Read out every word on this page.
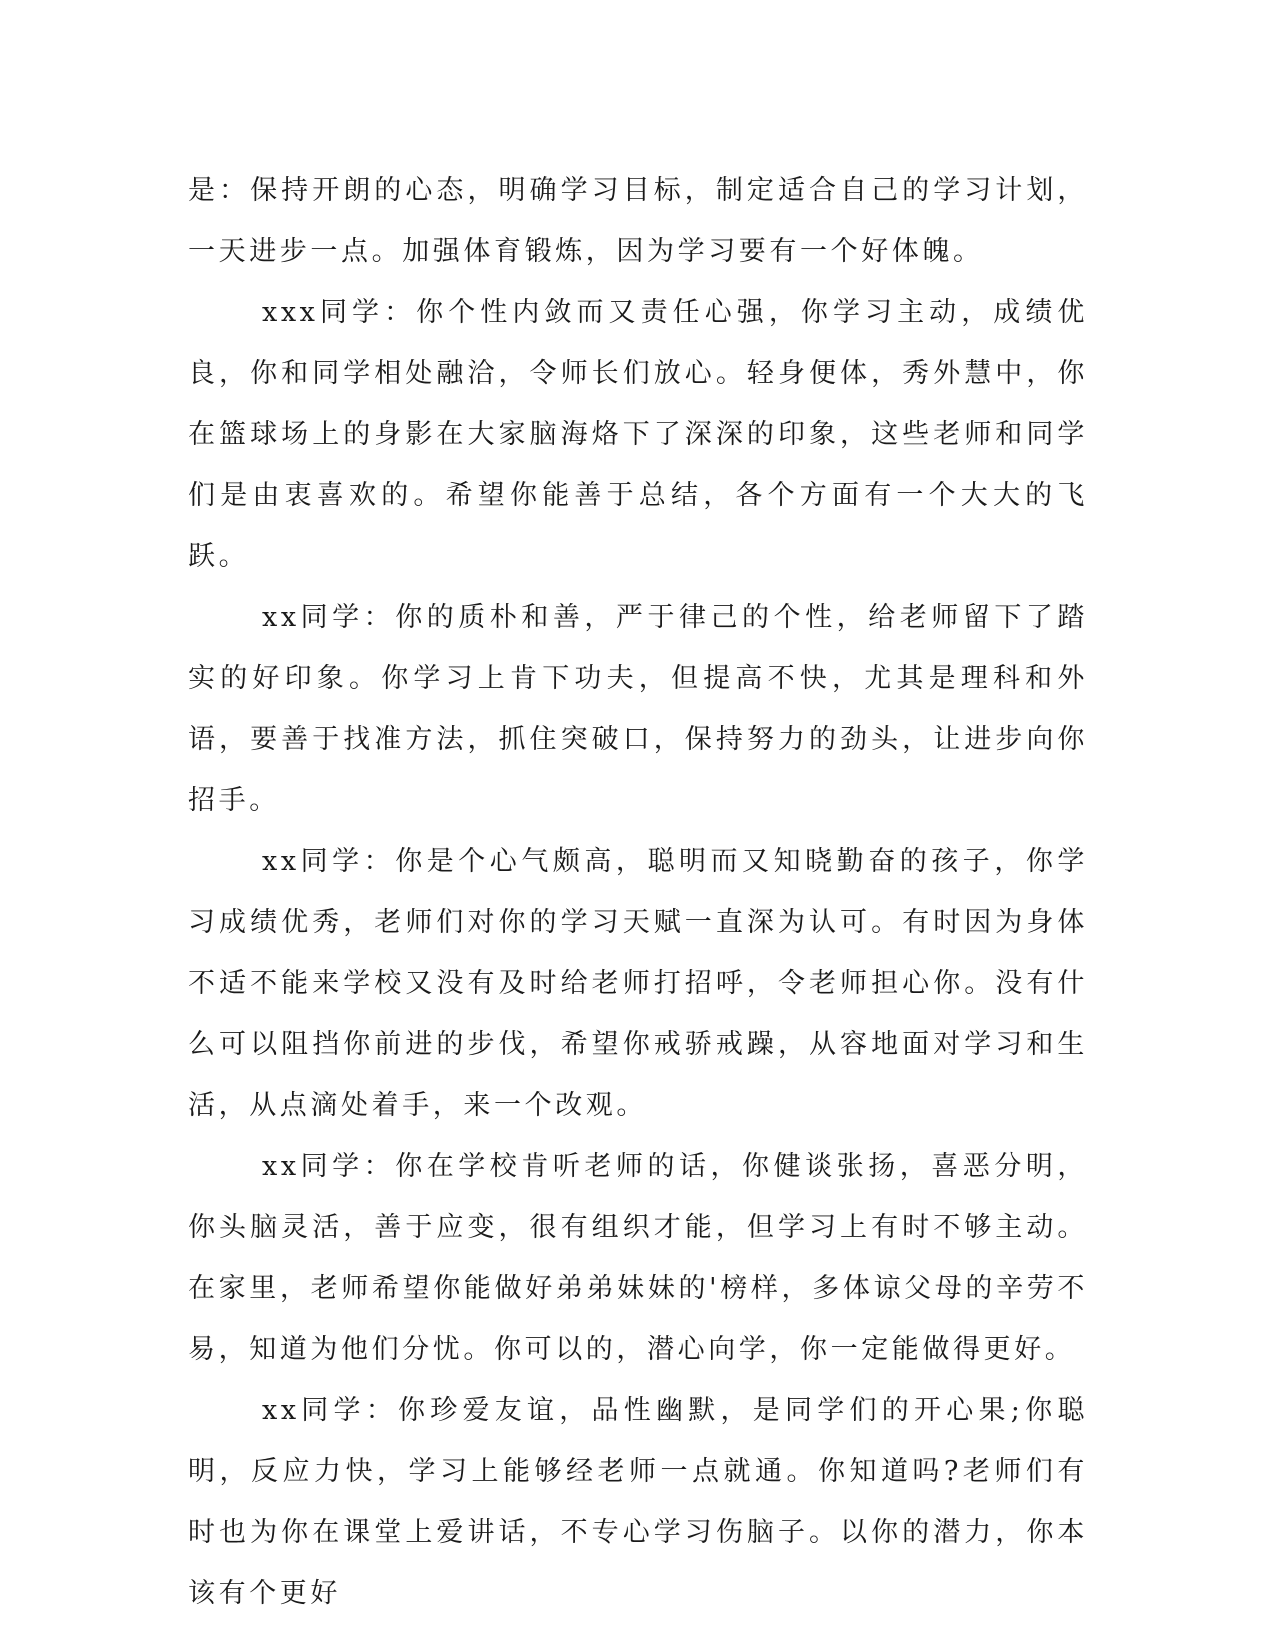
是：保持开朗的心态，明确学习目标，制定适合自己的学习计划，一天进步一点。加强体育锻炼，因为学习要有一个好体魄。

xxx同学：你个性内敛而又责任心强，你学习主动，成绩优良，你和同学相处融洽，令师长们放心。轻身便体，秀外慧中，你在篮球场上的身影在大家脑海烙下了深深的印象，这些老师和同学们是由衷喜欢的。希望你能善于总结，各个方面有一个大大的飞跃。

xx同学：你的质朴和善，严于律己的个性，给老师留下了踏实的好印象。你学习上肯下功夫，但提高不快，尤其是理科和外语，要善于找准方法，抓住突破口，保持努力的劲头，让进步向你招手。

xx同学：你是个心气颇高，聪明而又知晓勤奋的孩子，你学习成绩优秀，老师们对你的学习天赋一直深为认可。有时因为身体不适不能来学校又没有及时给老师打招呼，令老师担心你。没有什么可以阻挡你前进的步伐，希望你戒骄戒躁，从容地面对学习和生活，从点滴处着手，来一个改观。

xx同学：你在学校肯听老师的话，你健谈张扬，喜恶分明，你头脑灵活，善于应变，很有组织才能，但学习上有时不够主动。在家里，老师希望你能做好弟弟妹妹的'榜样，多体谅父母的辛劳不易，知道为他们分忧。你可以的，潜心向学，你一定能做得更好。

xx同学：你珍爱友谊，品性幽默，是同学们的开心果;你聪明，反应力快，学习上能够经老师一点就通。你知道吗?老师们有时也为你在课堂上爱讲话，不专心学习伤脑子。以你的潜力，你本该有个更好
